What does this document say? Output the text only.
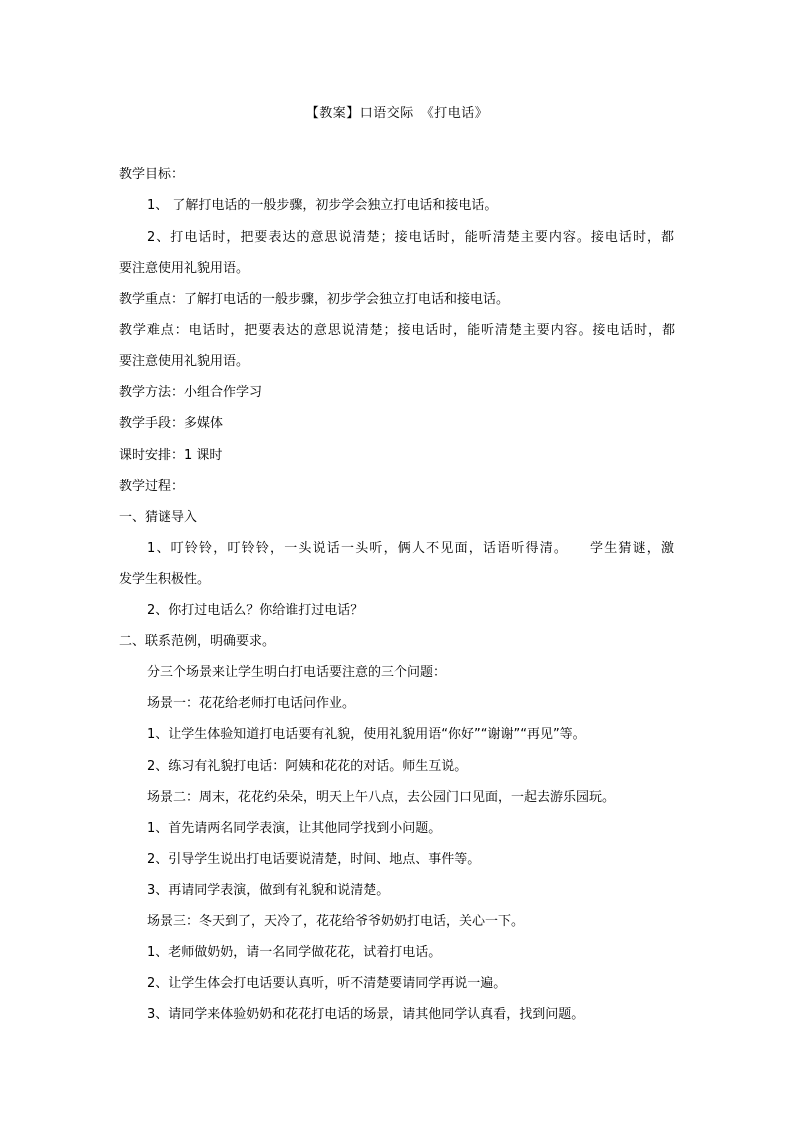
【教案】口语交际　《打电话》
教学目标：
1、 了解打电话的一般步骤，初步学会独立打电话和接电话。
2、打电话时，把要表达的意思说清楚；接电话时，能听清楚主要内容。接电话时，都
要注意使用礼貌用语。
教学重点：了解打电话的一般步骤，初步学会独立打电话和接电话。
教学难点：电话时，把要表达的意思说清楚；接电话时，能听清楚主要内容。接电话时，都
要注意使用礼貌用语。
教学方法：小组合作学习
教学手段：多媒体
课时安排：1 课时
教学过程：
一、猜谜导入
1、叮铃铃，叮铃铃，一头说话一头听，俩人不见面，话语听得清。　　学生猜谜，激
发学生积极性。
2、你打过电话么？你给谁打过电话？
二、联系范例，明确要求。
分三个场景来让学生明白打电话要注意的三个问题：
场景一：花花给老师打电话问作业。
1、让学生体验知道打电话要有礼貌，使用礼貌用语“你好”“谢谢”“再见”等。
2、练习有礼貌打电话：阿姨和花花的对话。师生互说。
场景二：周末，花花约朵朵，明天上午八点，去公园门口见面，一起去游乐园玩。
1、首先请两名同学表演，让其他同学找到小问题。
2、引导学生说出打电话要说清楚，时间、地点、事件等。
3、再请同学表演，做到有礼貌和说清楚。
场景三：冬天到了，天冷了，花花给爷爷奶奶打电话，关心一下。
1、老师做奶奶，请一名同学做花花，试着打电话。
2、让学生体会打电话要认真听，听不清楚要请同学再说一遍。
3、请同学来体验奶奶和花花打电话的场景，请其他同学认真看，找到问题。
